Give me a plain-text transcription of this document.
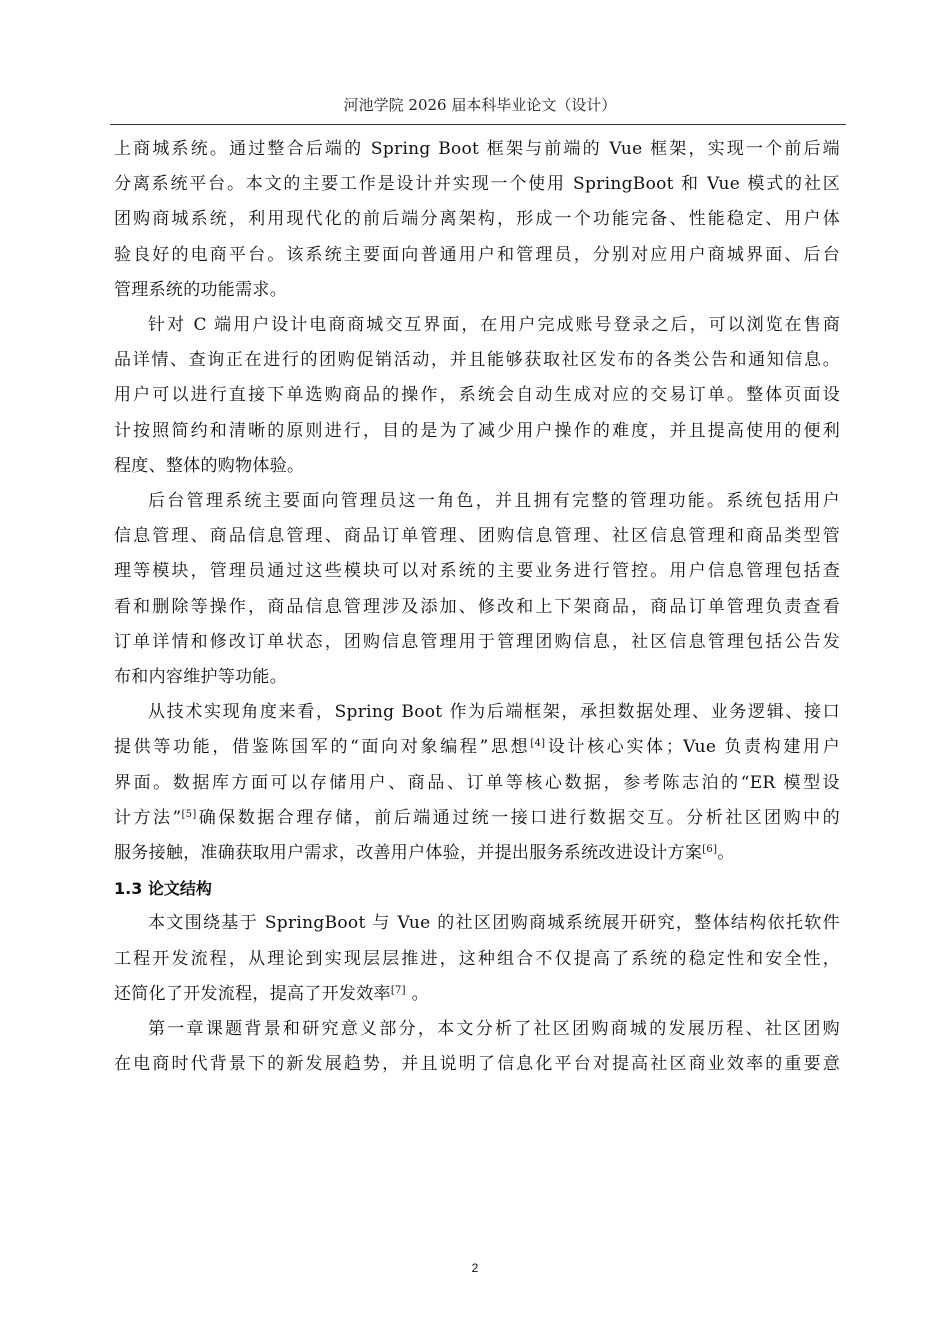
河池学院 2026 届本科毕业论文（设计）

上商城系统。通过整合后端的 Spring Boot 框架与前端的 Vue 框架，实现一个前后端

分离系统平台。本文的主要工作是设计并实现一个使用 SpringBoot 和 Vue 模式的社区

团购商城系统，利用现代化的前后端分离架构，形成一个功能完备、性能稳定、用户体

验良好的电商平台。该系统主要面向普通用户和管理员，分别对应用户商城界面、后台

管理系统的功能需求。

针对 C 端用户设计电商商城交互界面，在用户完成账号登录之后，可以浏览在售商

品详情、查询正在进行的团购促销活动，并且能够获取社区发布的各类公告和通知信息。

用户可以进行直接下单选购商品的操作，系统会自动生成对应的交易订单。整体页面设

计按照简约和清晰的原则进行，目的是为了减少用户操作的难度，并且提高使用的便利

程度、整体的购物体验。

后台管理系统主要面向管理员这一角色，并且拥有完整的管理功能。系统包括用户

信息管理、商品信息管理、商品订单管理、团购信息管理、社区信息管理和商品类型管

理等模块，管理员通过这些模块可以对系统的主要业务进行管控。用户信息管理包括查

看和删除等操作，商品信息管理涉及添加、修改和上下架商品，商品订单管理负责查看

订单详情和修改订单状态，团购信息管理用于管理团购信息，社区信息管理包括公告发

布和内容维护等功能。

从技术实现角度来看，Spring Boot 作为后端框架，承担数据处理、业务逻辑、接口

提供等功能，借鉴陈国军的“面向对象编程”思想[4]设计核心实体；Vue 负责构建用户

界面。数据库方面可以存储用户、商品、订单等核心数据，参考陈志泊的“ER 模型设

计方法”[5]确保数据合理存储，前后端通过统一接口进行数据交互。分析社区团购中的

服务接触，准确获取用户需求，改善用户体验，并提出服务系统改进设计方案[6]。

1.3 论文结构

本文围绕基于 SpringBoot 与 Vue 的社区团购商城系统展开研究，整体结构依托软件

工程开发流程，从理论到实现层层推进，这种组合不仅提高了系统的稳定性和安全性，

还简化了开发流程，提高了开发效率[7] 。

第一章课题背景和研究意义部分，本文分析了社区团购商城的发展历程、社区团购

在电商时代背景下的新发展趋势，并且说明了信息化平台对提高社区商业效率的重要意

2
